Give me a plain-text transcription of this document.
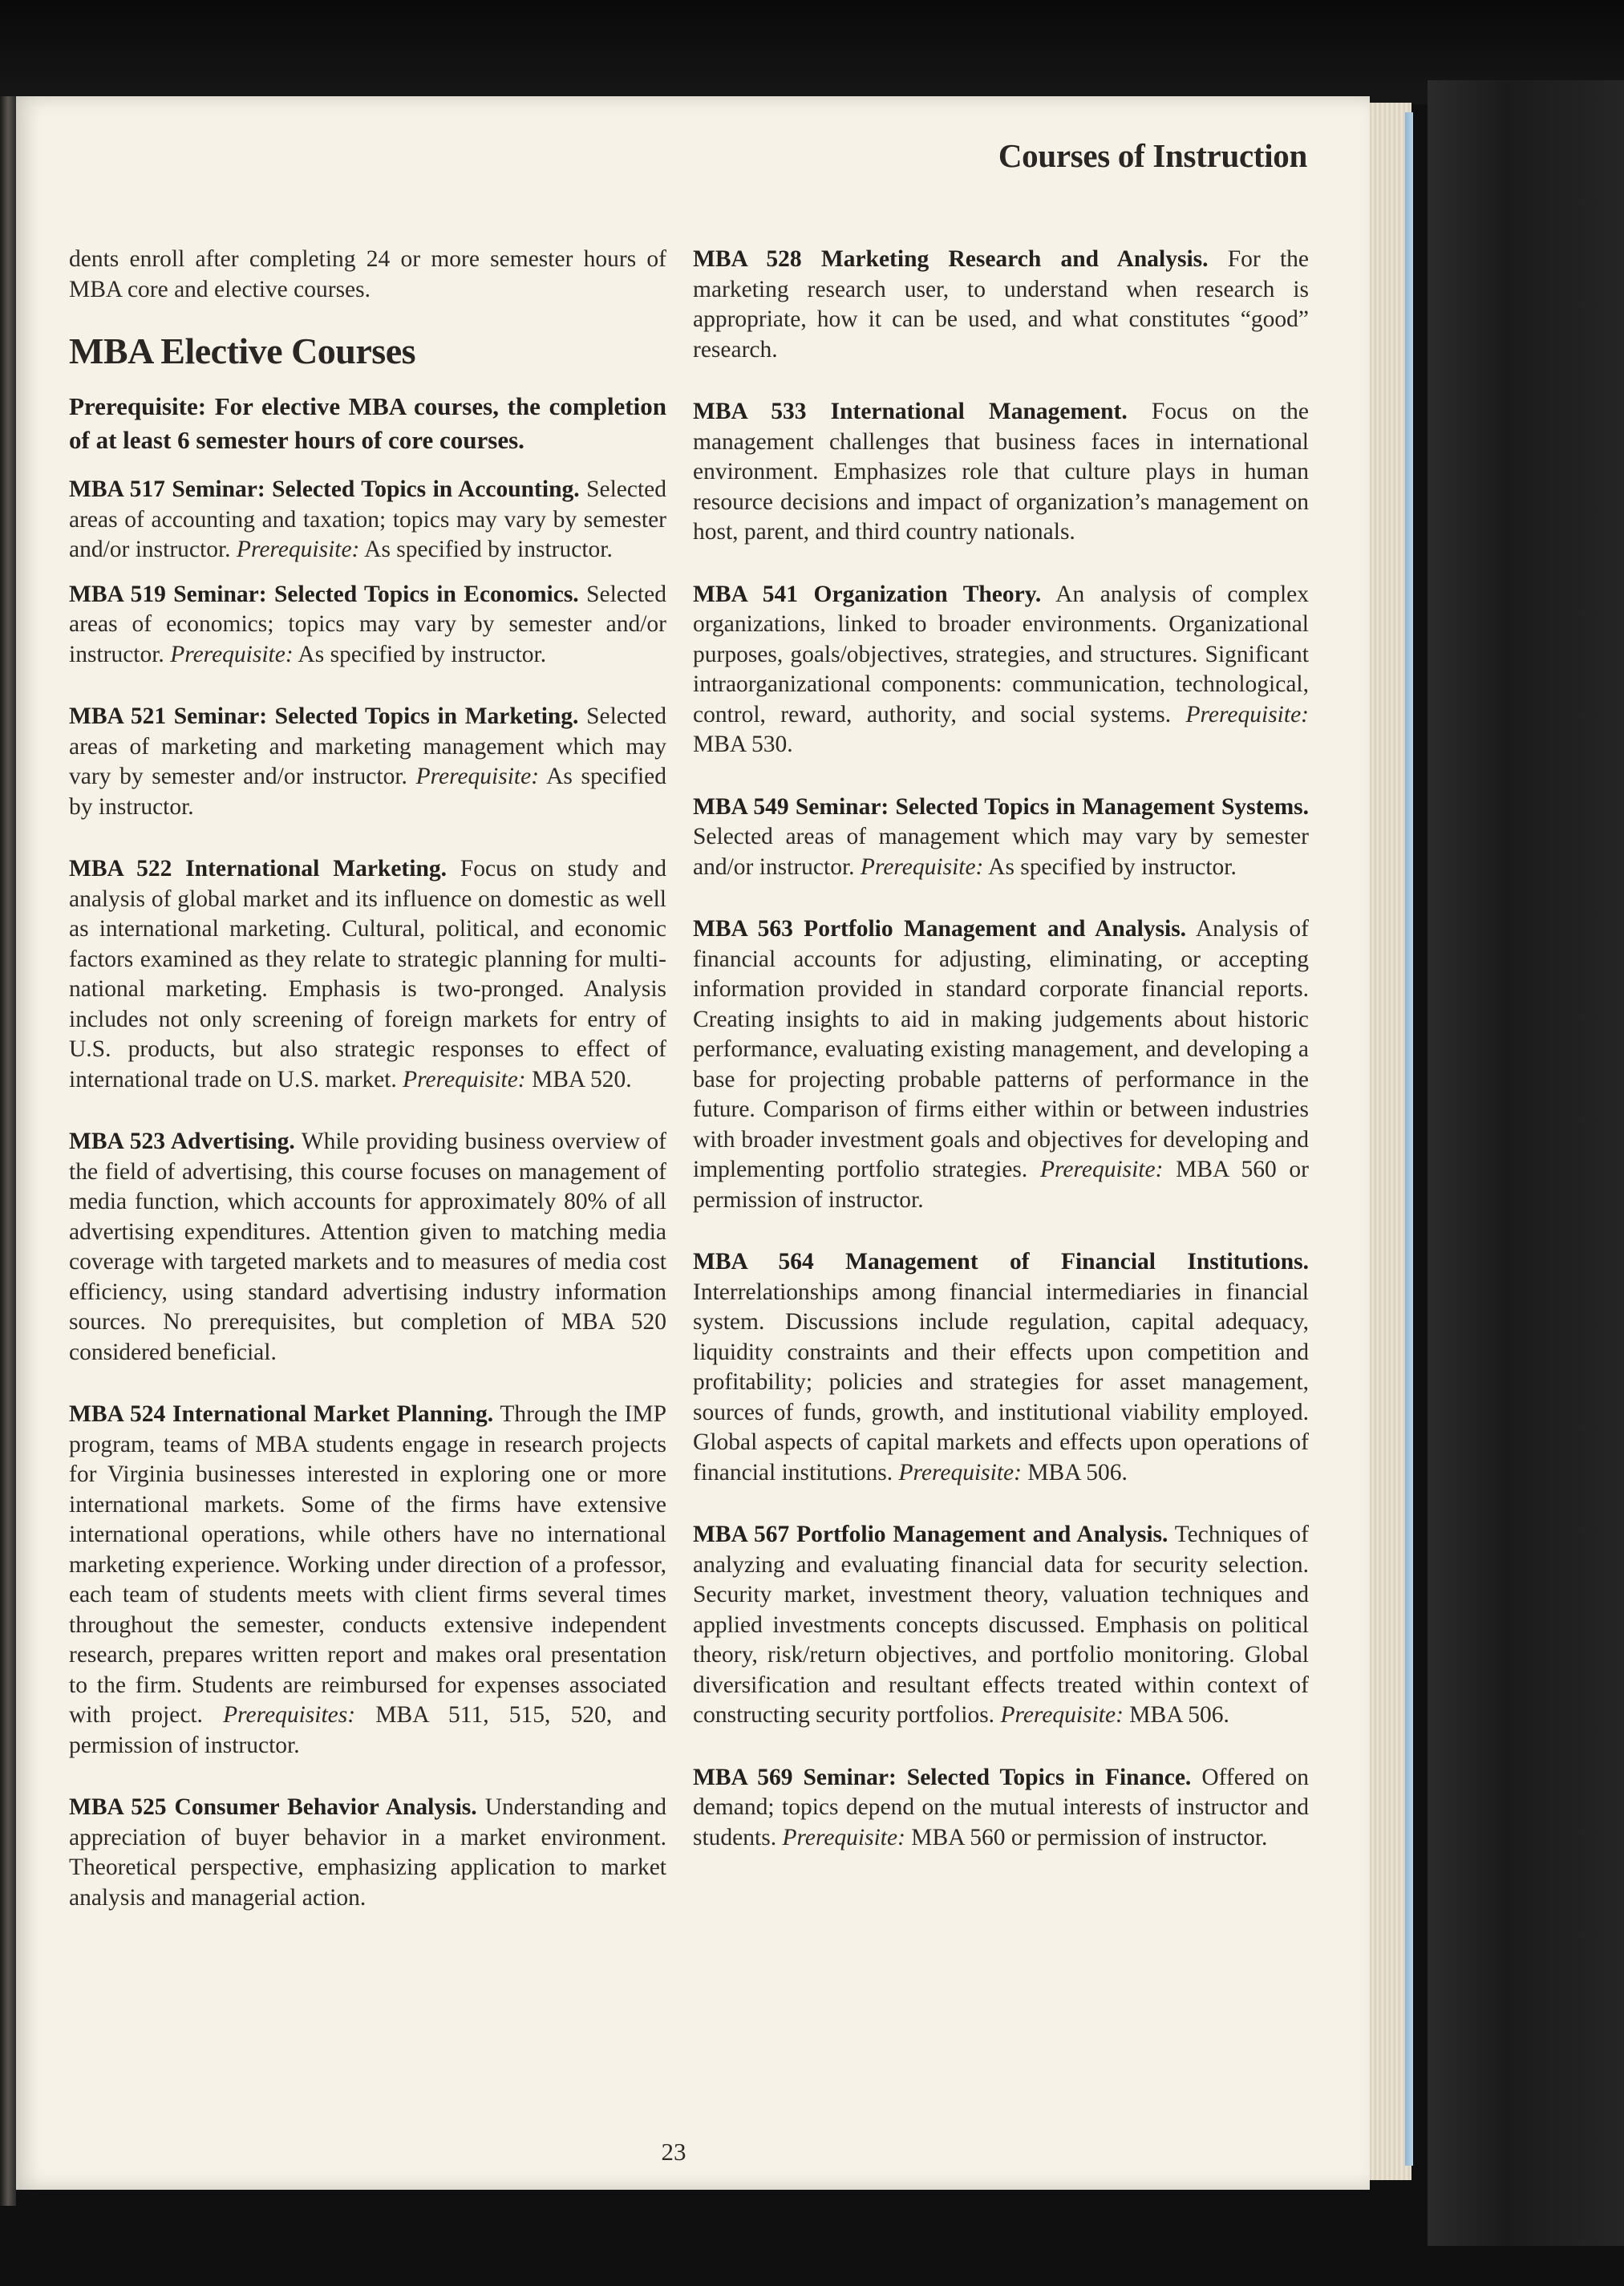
Courses of Instruction

dents enroll after completing 24 or more semester hours of MBA core and elective courses.

MBA Elective Courses

Prerequisite: For elective MBA courses, the completion of at least 6 semester hours of core courses.

MBA 517 Seminar: Selected Topics in Accounting. Selected areas of accounting and taxation; topics may vary by semester and/or instructor. Prerequisite: As specified by instructor.

MBA 519 Seminar: Selected Topics in Economics. Selected areas of economics; topics may vary by semester and/or instructor. Prerequisite: As specified by instructor.

MBA 521 Seminar: Selected Topics in Marketing. Selected areas of marketing and marketing management which may vary by semester and/or instructor. Prerequisite: As specified by instructor.

MBA 522 International Marketing. Focus on study and analysis of global market and its influence on domestic as well as international marketing. Cultural, political, and economic factors examined as they relate to strategic planning for multi-national marketing. Emphasis is two-pronged. Analysis includes not only screening of foreign markets for entry of U.S. products, but also strategic responses to effect of international trade on U.S. market. Prerequisite: MBA 520.

MBA 523 Advertising. While providing business overview of the field of advertising, this course focuses on management of media function, which accounts for approximately 80% of all advertising expenditures. Attention given to matching media coverage with targeted markets and to measures of media cost efficiency, using standard advertising industry information sources. No prerequisites, but completion of MBA 520 considered beneficial.

MBA 524 International Market Planning. Through the IMP program, teams of MBA students engage in research projects for Virginia businesses interested in exploring one or more international markets. Some of the firms have extensive international operations, while others have no international marketing experience. Working under direction of a professor, each team of students meets with client firms several times throughout the semester, conducts extensive independent research, prepares written report and makes oral presentation to the firm. Students are reimbursed for expenses associated with project. Prerequisites: MBA 511, 515, 520, and permission of instructor.

MBA 525 Consumer Behavior Analysis. Understanding and appreciation of buyer behavior in a market environment. Theoretical perspective, emphasizing application to market analysis and managerial action.

MBA 528 Marketing Research and Analysis. For the marketing research user, to understand when research is appropriate, how it can be used, and what constitutes “good” research.

MBA 533 International Management. Focus on the management challenges that business faces in international environment. Emphasizes role that culture plays in human resource decisions and impact of organization’s management on host, parent, and third country nationals.

MBA 541 Organization Theory. An analysis of complex organizations, linked to broader environments. Organizational purposes, goals/objectives, strategies, and structures. Significant intraorganizational components: communication, technological, control, reward, authority, and social systems. Prerequisite: MBA 530.

MBA 549 Seminar: Selected Topics in Management Systems. Selected areas of management which may vary by semester and/or instructor. Prerequisite: As specified by instructor.

MBA 563 Portfolio Management and Analysis. Analysis of financial accounts for adjusting, eliminating, or accepting information provided in standard corporate financial reports. Creating insights to aid in making judgements about historic performance, evaluating existing management, and developing a base for projecting probable patterns of performance in the future. Comparison of firms either within or between industries with broader investment goals and objectives for developing and implementing portfolio strategies. Prerequisite: MBA 560 or permission of instructor.

MBA 564 Management of Financial Institutions. Interrelationships among financial intermediaries in financial system. Discussions include regulation, capital adequacy, liquidity constraints and their effects upon competition and profitability; policies and strategies for asset management, sources of funds, growth, and institutional viability employed. Global aspects of capital markets and effects upon operations of financial institutions. Prerequisite: MBA 506.

MBA 567 Portfolio Management and Analysis. Techniques of analyzing and evaluating financial data for security selection. Security market, investment theory, valuation techniques and applied investments concepts discussed. Emphasis on political theory, risk/return objectives, and portfolio monitoring. Global diversification and resultant effects treated within context of constructing security portfolios. Prerequisite: MBA 506.

MBA 569 Seminar: Selected Topics in Finance. Offered on demand; topics depend on the mutual interests of instructor and students. Prerequisite: MBA 560 or permission of instructor.

23
